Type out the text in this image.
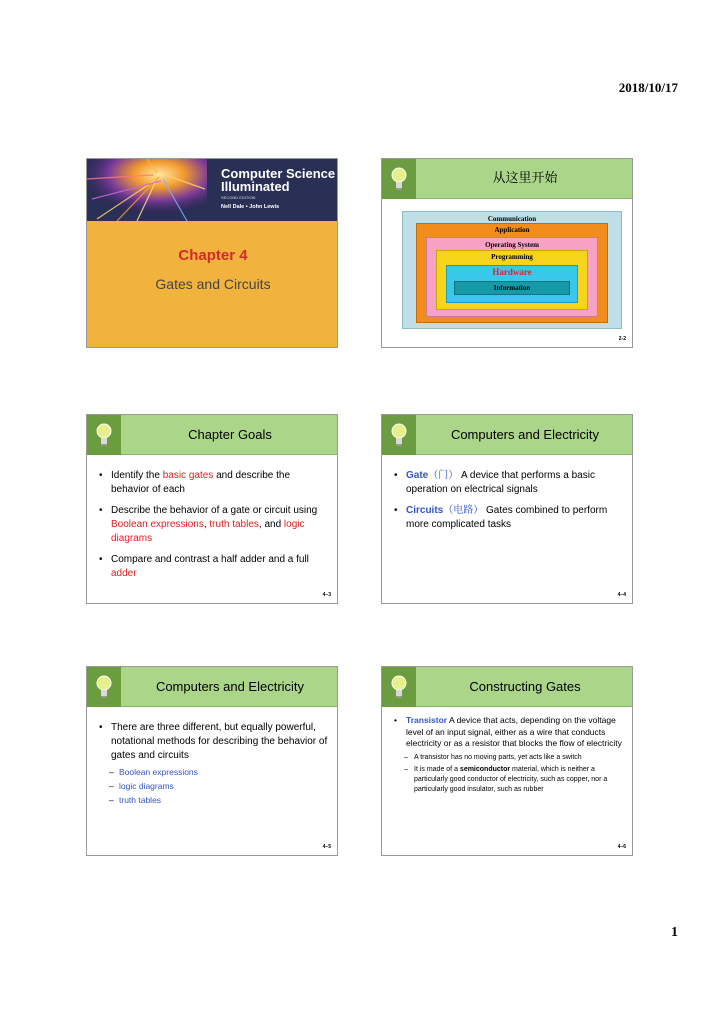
2018/10/17
Computer Science
Illuminated
SECOND EDITION
Nell Dale • John Lewis
Chapter 4
Gates and Circuits
从这里开始
Communication
Application
Operating System
Programming
Hardware
Information
2-2
Chapter Goals
• Identify the basic gates and describe the behavior of each
• Describe the behavior of a gate or circuit using Boolean expressions, truth tables, and logic diagrams
• Compare and contrast a half adder and a full adder
4–3
Computers and Electricity
• Gate（门） A device that performs a basic operation on electrical signals
• Circuits（电路） Gates combined to perform more complicated tasks
4–4
Computers and Electricity
• There are three different, but equally powerful, notational methods for describing the behavior of gates and circuits
– Boolean expressions
– logic diagrams
– truth tables
4–5
Constructing Gates
• Transistor A device that acts, depending on the voltage level of an input signal, either as a wire that conducts electricity or as a resistor that blocks the flow of electricity
– A transistor has no moving parts, yet acts like a switch
– It is made of a semiconductor material, which is neither a particularly good conductor of electricity, such as copper, nor a particularly good insulator, such as rubber
4–6
1
